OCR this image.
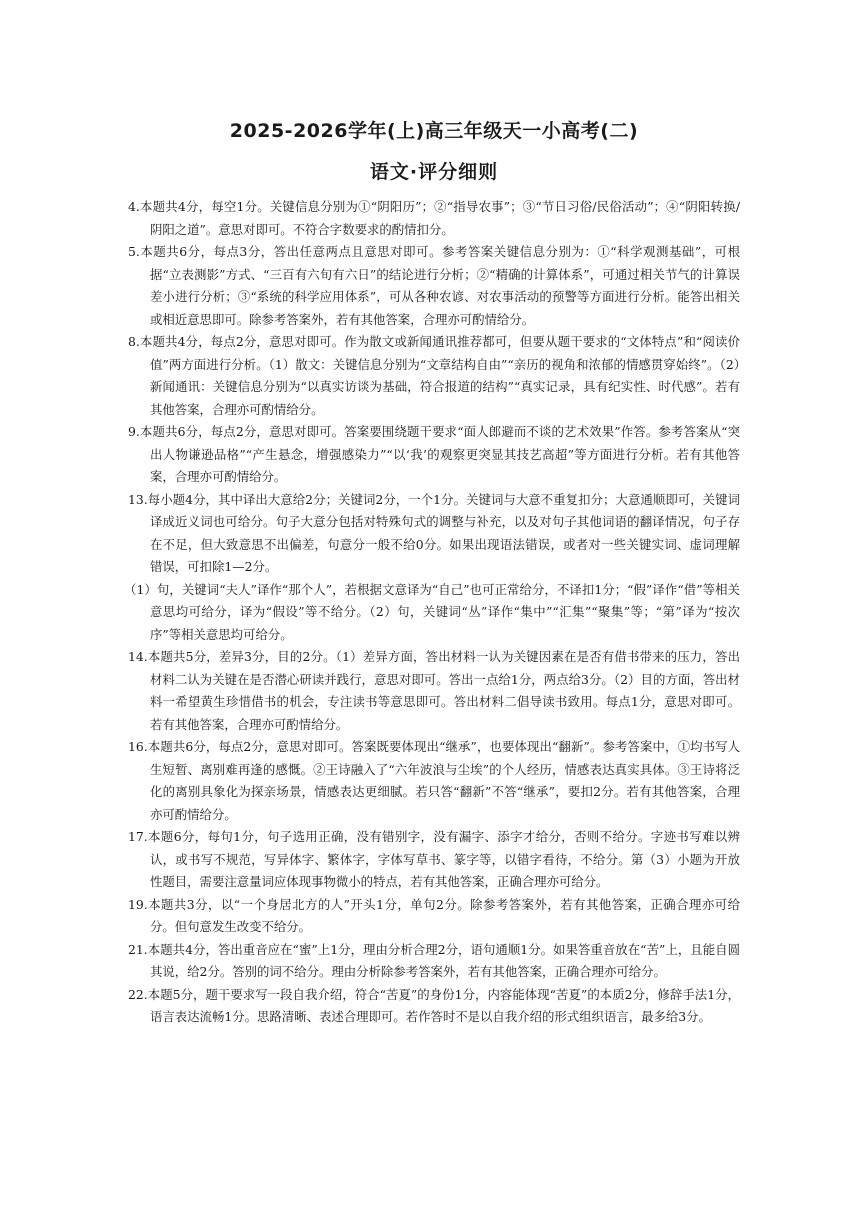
2025-2026学年(上)高三年级天一小高考(二)
语文·评分细则
4.本题共4分，每空1分。关键信息分别为①“阴阳历”；②“指导农事”；③“节日习俗/民俗活动”；④“阴阳转换/阴阳之道”。意思对即可。不符合字数要求的酌情扣分。
5.本题共6分，每点3分，答出任意两点且意思对即可。参考答案关键信息分别为：①“科学观测基础”，可根据“立表测影”方式、“三百有六旬有六日”的结论进行分析；②“精确的计算体系”，可通过相关节气的计算误差小进行分析；③“系统的科学应用体系”，可从各种农谚、对农事活动的预警等方面进行分析。能答出相关或相近意思即可。除参考答案外，若有其他答案，合理亦可酌情给分。
8.本题共4分，每点2分，意思对即可。作为散文或新闻通讯推荐都可，但要从题干要求的“文体特点”和“阅读价值”两方面进行分析。（1）散文：关键信息分别为“文章结构自由”“亲历的视角和浓郁的情感贯穿始终”。（2）新闻通讯：关键信息分别为“以真实访谈为基础，符合报道的结构”“真实记录，具有纪实性、时代感”。若有其他答案，合理亦可酌情给分。
9.本题共6分，每点2分，意思对即可。答案要围绕题干要求“面人郎避而不谈的艺术效果”作答。参考答案从“突出人物谦逊品格”“产生悬念，增强感染力”“以‘我’的观察更突显其技艺高超”等方面进行分析。若有其他答案，合理亦可酌情给分。
13.每小题4分，其中译出大意给2分；关键词2分，一个1分。关键词与大意不重复扣分；大意通顺即可，关键词译成近义词也可给分。句子大意分包括对特殊句式的调整与补充，以及对句子其他词语的翻译情况，句子存在不足，但大致意思不出偏差，句意分一般不给0分。如果出现语法错误，或者对一些关键实词、虚词理解错误，可扣除1—2分。
（1）句，关键词“夫人”译作“那个人”，若根据文意译为“自己”也可正常给分，不译扣1分；“假”译作“借”等相关意思均可给分，译为“假设”等不给分。（2）句，关键词“丛”译作“集中”“汇集”“聚集”等；“第”译为“按次序”等相关意思均可给分。
14.本题共5分，差异3分，目的2分。（1）差异方面，答出材料一认为关键因素在是否有借书带来的压力，答出材料二认为关键在是否潜心研读并践行，意思对即可。答出一点给1分，两点给3分。（2）目的方面，答出材料一希望黄生珍惜借书的机会，专注读书等意思即可。答出材料二倡导读书致用。每点1分，意思对即可。若有其他答案，合理亦可酌情给分。
16.本题共6分，每点2分，意思对即可。答案既要体现出“继承”，也要体现出“翻新”。参考答案中，①均书写人生短暂、离别难再逢的感慨。②王诗融入了“六年波浪与尘埃”的个人经历，情感表达真实具体。③王诗将泛化的离别具象化为探亲场景，情感表达更细腻。若只答“翻新”不答“继承”，要扣2分。若有其他答案，合理亦可酌情给分。
17.本题6分，每句1分，句子选用正确，没有错别字，没有漏字、添字才给分，否则不给分。字迹书写难以辨认，或书写不规范，写异体字、繁体字，字体写草书、篆字等，以错字看待，不给分。第（3）小题为开放性题目，需要注意量词应体现事物微小的特点，若有其他答案，正确合理亦可给分。
19.本题共3分，以“一个身居北方的人”开头1分，单句2分。除参考答案外，若有其他答案，正确合理亦可给分。但句意发生改变不给分。
21.本题共4分，答出重音应在“蜜”上1分，理由分析合理2分，语句通顺1分。如果答重音放在“苦”上，且能自圆其说，给2分。答别的词不给分。理由分析除参考答案外，若有其他答案，正确合理亦可给分。
22.本题5分，题干要求写一段自我介绍，符合“苦夏”的身份1分，内容能体现“苦夏”的本质2分，修辞手法1分，语言表达流畅1分。思路清晰、表述合理即可。若作答时不是以自我介绍的形式组织语言，最多给3分。
